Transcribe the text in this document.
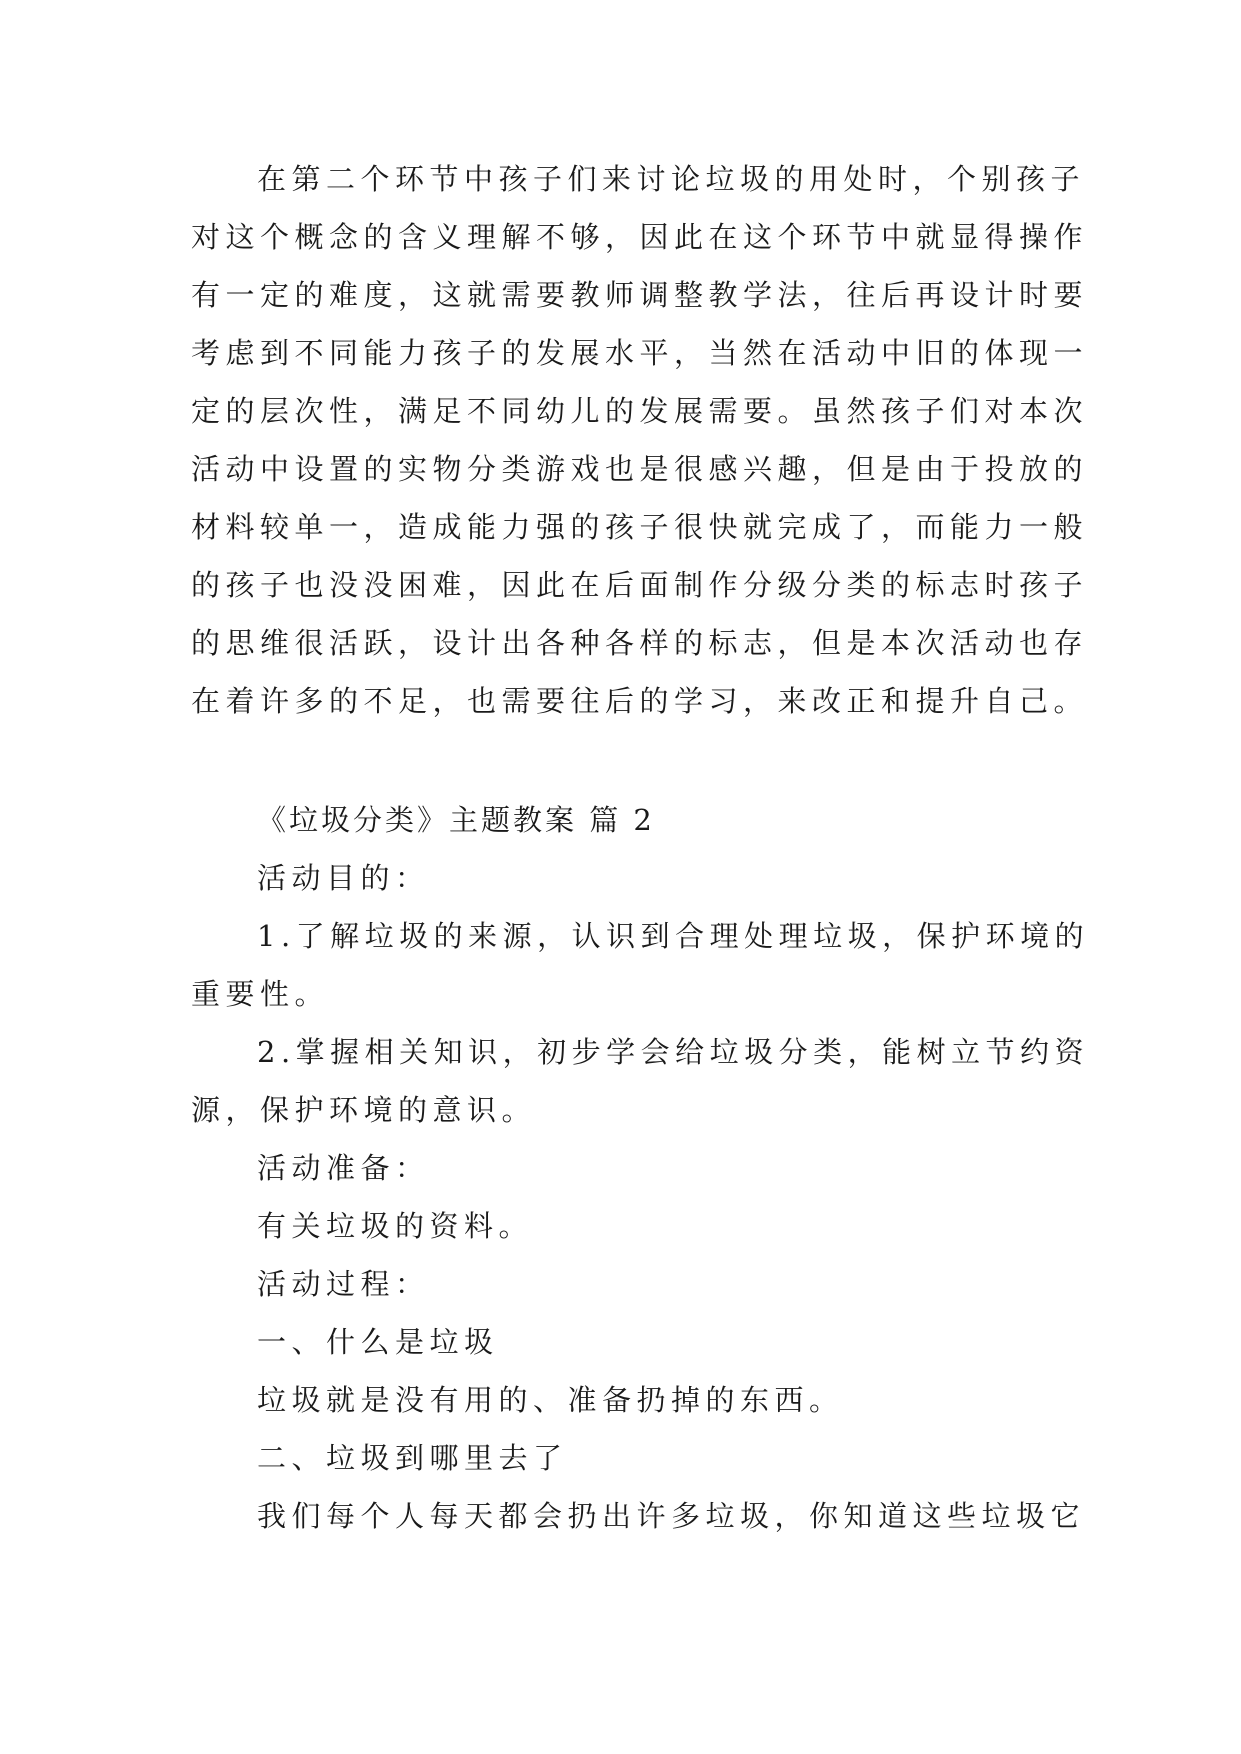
在第二个环节中孩子们来讨论垃圾的用处时，个别孩子
对这个概念的含义理解不够，因此在这个环节中就显得操作
有一定的难度，这就需要教师调整教学法，往后再设计时要
考虑到不同能力孩子的发展水平，当然在活动中旧的体现一
定的层次性，满足不同幼儿的发展需要。虽然孩子们对本次
活动中设置的实物分类游戏也是很感兴趣，但是由于投放的
材料较单一，造成能力强的孩子很快就完成了，而能力一般
的孩子也没没困难，因此在后面制作分级分类的标志时孩子
的思维很活跃，设计出各种各样的标志，但是本次活动也存
在着许多的不足，也需要往后的学习，来改正和提升自己。
《垃圾分类》主题教案 篇 2
活动目的：
1.了解垃圾的来源，认识到合理处理垃圾，保护环境的
重要性。
2.掌握相关知识，初步学会给垃圾分类，能树立节约资
源，保护环境的意识。
活动准备：
有关垃圾的资料。
活动过程：
一、什么是垃圾
垃圾就是没有用的、准备扔掉的东西。
二、垃圾到哪里去了
我们每个人每天都会扔出许多垃圾，你知道这些垃圾它
